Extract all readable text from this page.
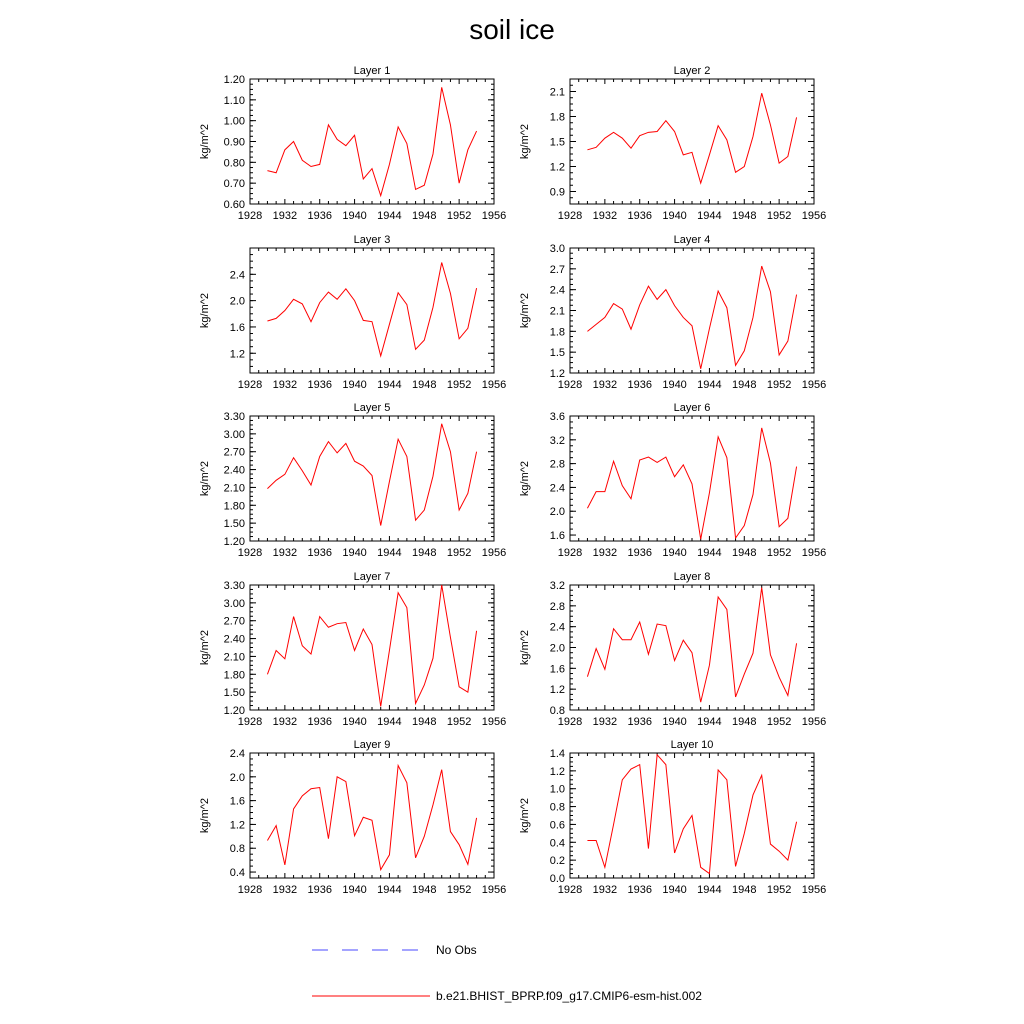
soil ice
Layer 1
kg/m^2
1928 1932 1936 1940 1944 1948 1952 1956
0.60
0.70
0.80
0.90
1.00
1.10
1.20
Layer 2
kg/m^2
1928 1932 1936 1940 1944 1948 1952 1956
0.9
1.2
1.5
1.8
2.1
Layer 3
kg/m^2
1928 1932 1936 1940 1944 1948 1952 1956
1.2
1.6
2.0
2.4
Layer 4
kg/m^2
1928 1932 1936 1940 1944 1948 1952 1956
1.2
1.5
1.8
2.1
2.4
2.7
3.0
Layer 5
kg/m^2
1928 1932 1936 1940 1944 1948 1952 1956
1.20
1.50
1.80
2.10
2.40
2.70
3.00
3.30
Layer 6
kg/m^2
1928 1932 1936 1940 1944 1948 1952 1956
1.6
2.0
2.4
2.8
3.2
3.6
Layer 7
kg/m^2
1928 1932 1936 1940 1944 1948 1952 1956
1.20
1.50
1.80
2.10
2.40
2.70
3.00
3.30
Layer 8
kg/m^2
1928 1932 1936 1940 1944 1948 1952 1956
0.8
1.2
1.6
2.0
2.4
2.8
3.2
Layer 9
kg/m^2
1928 1932 1936 1940 1944 1948 1952 1956
0.4
0.8
1.2
1.6
2.0
2.4
Layer 10
kg/m^2
1928 1932 1936 1940 1944 1948 1952 1956
0.0
0.2
0.4
0.6
0.8
1.0
1.2
1.4
No Obs
b.e21.BHIST_BPRP.f09_g17.CMIP6-esm-hist.002
